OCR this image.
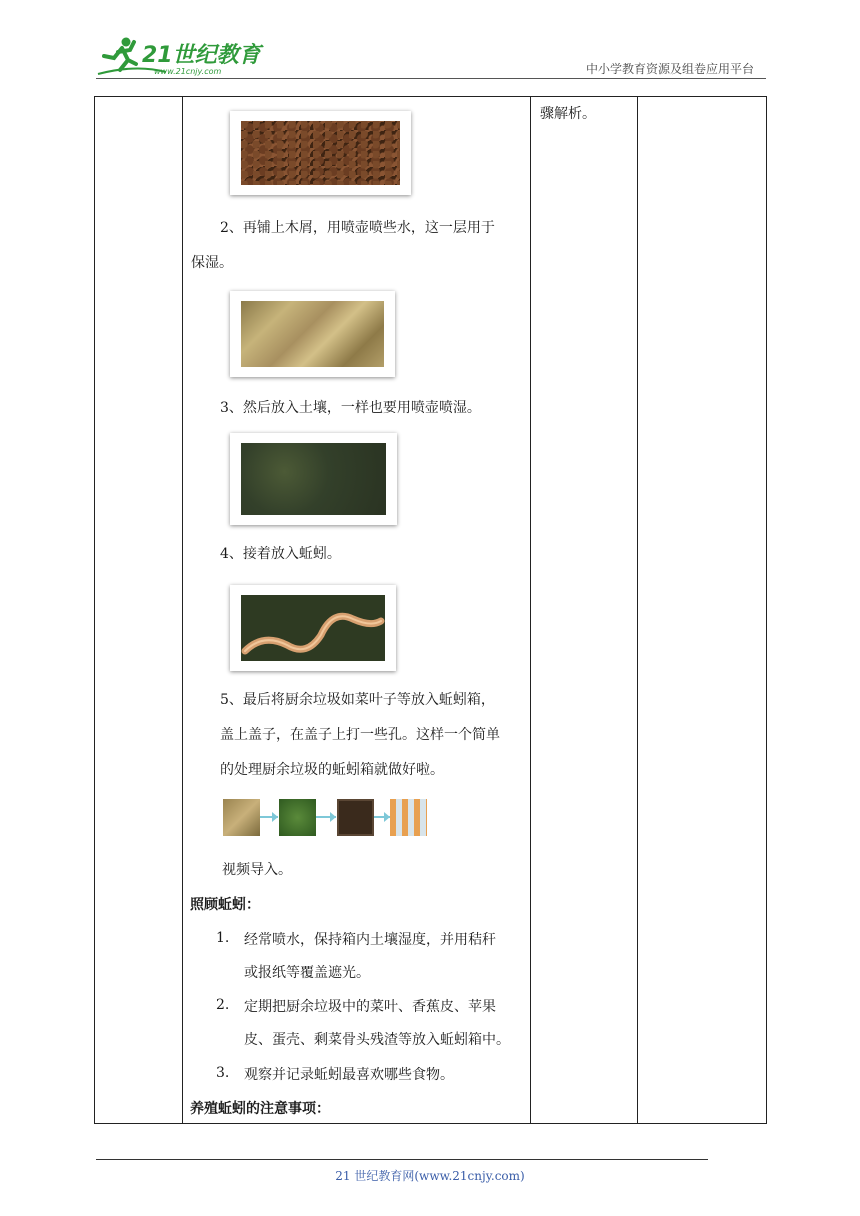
21世纪教育
www.21cnjy.com	中小学教育资源及组卷应用平台
骤解析。
2、再铺上木屑，用喷壶喷些水，这一层用于
保湿。
3、然后放入土壤，一样也要用喷壶喷湿。
4、接着放入蚯蚓。
5、最后将厨余垃圾如菜叶子等放入蚯蚓箱，
盖上盖子，在盖子上打一些孔。这样一个简单
的处理厨余垃圾的蚯蚓箱就做好啦。
视频导入。
照顾蚯蚓：
1. 经常喷水，保持箱内土壤湿度，并用秸秆
或报纸等覆盖遮光。
2. 定期把厨余垃圾中的菜叶、香蕉皮、苹果
皮、蛋壳、剩菜骨头残渣等放入蚯蚓箱中。
3. 观察并记录蚯蚓最喜欢哪些食物。
养殖蚯蚓的注意事项：
21 世纪教育网(www.21cnjy.com)
